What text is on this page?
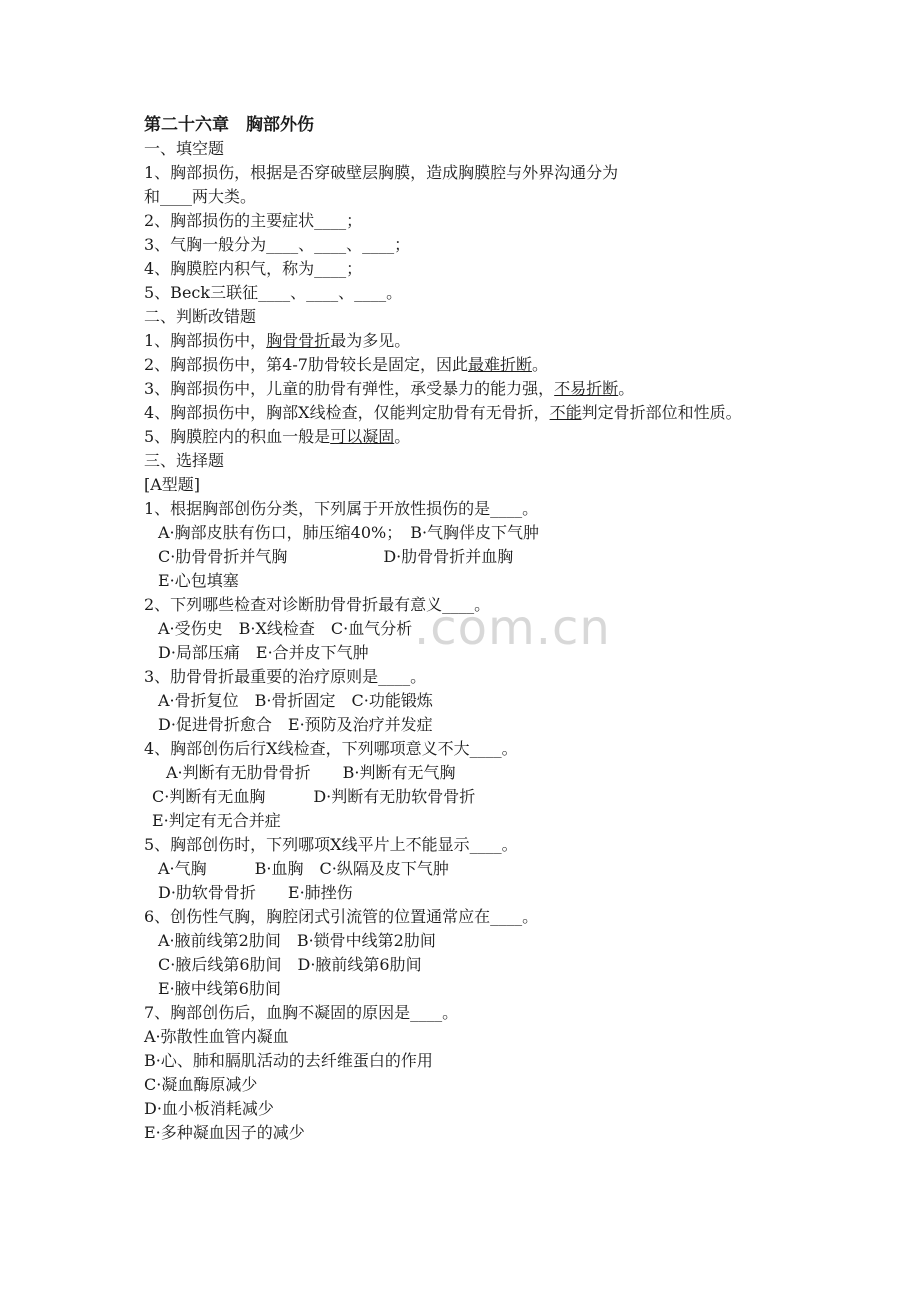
.com.cn
第二十六章　胸部外伤
一、填空题
1、胸部损伤，根据是否穿破壁层胸膜，造成胸膜腔与外界沟通分为
和____两大类。
2、胸部损伤的主要症状____；
3、气胸一般分为____、____、____；
4、胸膜腔内积气，称为____；
5、Beck三联征____、____、____。
二、判断改错题
1、胸部损伤中，胸骨骨折最为多见。
2、胸部损伤中，第4-7肋骨较长是固定，因此最难折断。
3、胸部损伤中，儿童的肋骨有弹性，承受暴力的能力强，不易折断。
4、胸部损伤中，胸部X线检查，仅能判定肋骨有无骨折，不能判定骨折部位和性质。
5、胸膜腔内的积血一般是可以凝固。
三、选择题
[A型题]
1、根据胸部创伤分类，下列属于开放性损伤的是____。
A·胸部皮肤有伤口，肺压缩40%；　B·气胸伴皮下气肿
C·肋骨骨折并气胸　　　　　　D·肋骨骨折并血胸
E·心包填塞
2、下列哪些检查对诊断肋骨骨折最有意义____。
A·受伤史　B·X线检查　C·血气分析
D·局部压痛　E·合并皮下气肿
3、肋骨骨折最重要的治疗原则是____。
A·骨折复位　B·骨折固定　C·功能锻炼
D·促进骨折愈合　E·预防及治疗并发症
4、胸部创伤后行X线检查，下列哪项意义不大____。
A·判断有无肋骨骨折　　B·判断有无气胸
C·判断有无血胸　　　D·判断有无肋软骨骨折
E·判定有无合并症
5、胸部创伤时，下列哪项X线平片上不能显示____。
A·气胸　　　B·血胸　C·纵隔及皮下气肿
D·肋软骨骨折　　E·肺挫伤
6、创伤性气胸，胸腔闭式引流管的位置通常应在____。
A·腋前线第2肋间　B·锁骨中线第2肋间
C·腋后线第6肋间　D·腋前线第6肋间
E·腋中线第6肋间
7、胸部创伤后，血胸不凝固的原因是____。
A·弥散性血管内凝血
B·心、肺和膈肌活动的去纤维蛋白的作用
C·凝血酶原减少
D·血小板消耗减少
E·多种凝血因子的减少
